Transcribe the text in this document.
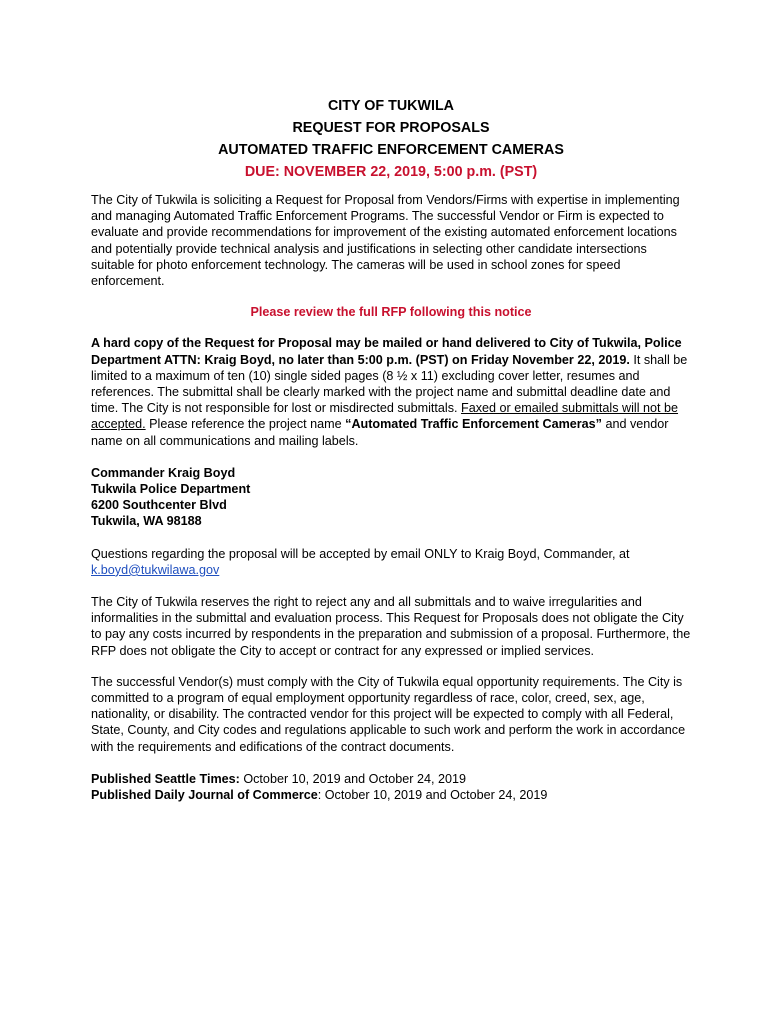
CITY OF TUKWILA
REQUEST FOR PROPOSALS
AUTOMATED TRAFFIC ENFORCEMENT CAMERAS
DUE: NOVEMBER 22, 2019, 5:00 p.m. (PST)

The City of Tukwila is soliciting a Request for Proposal from Vendors/Firms with expertise in implementing and managing Automated Traffic Enforcement Programs. The successful Vendor or Firm is expected to evaluate and provide recommendations for improvement of the existing automated enforcement locations and potentially provide technical analysis and justifications in selecting other candidate intersections suitable for photo enforcement technology. The cameras will be used in school zones for speed enforcement.

Please review the full RFP following this notice

A hard copy of the Request for Proposal may be mailed or hand delivered to City of Tukwila, Police Department ATTN: Kraig Boyd, no later than 5:00 p.m. (PST) on Friday November 22, 2019. It shall be limited to a maximum of ten (10) single sided pages (8 ½ x 11) excluding cover letter, resumes and references. The submittal shall be clearly marked with the project name and submittal deadline date and time. The City is not responsible for lost or misdirected submittals. Faxed or emailed submittals will not be accepted. Please reference the project name “Automated Traffic Enforcement Cameras” and vendor name on all communications and mailing labels.

Commander Kraig Boyd
Tukwila Police Department
6200 Southcenter Blvd
Tukwila, WA 98188

Questions regarding the proposal will be accepted by email ONLY to Kraig Boyd, Commander, at k.boyd@tukwilawa.gov

The City of Tukwila reserves the right to reject any and all submittals and to waive irregularities and informalities in the submittal and evaluation process. This Request for Proposals does not obligate the City to pay any costs incurred by respondents in the preparation and submission of a proposal. Furthermore, the RFP does not obligate the City to accept or contract for any expressed or implied services.

The successful Vendor(s) must comply with the City of Tukwila equal opportunity requirements. The City is committed to a program of equal employment opportunity regardless of race, color, creed, sex, age, nationality, or disability. The contracted vendor for this project will be expected to comply with all Federal, State, County, and City codes and regulations applicable to such work and perform the work in accordance with the requirements and edifications of the contract documents.

Published Seattle Times: October 10, 2019 and October 24, 2019
Published Daily Journal of Commerce: October 10, 2019 and October 24, 2019
